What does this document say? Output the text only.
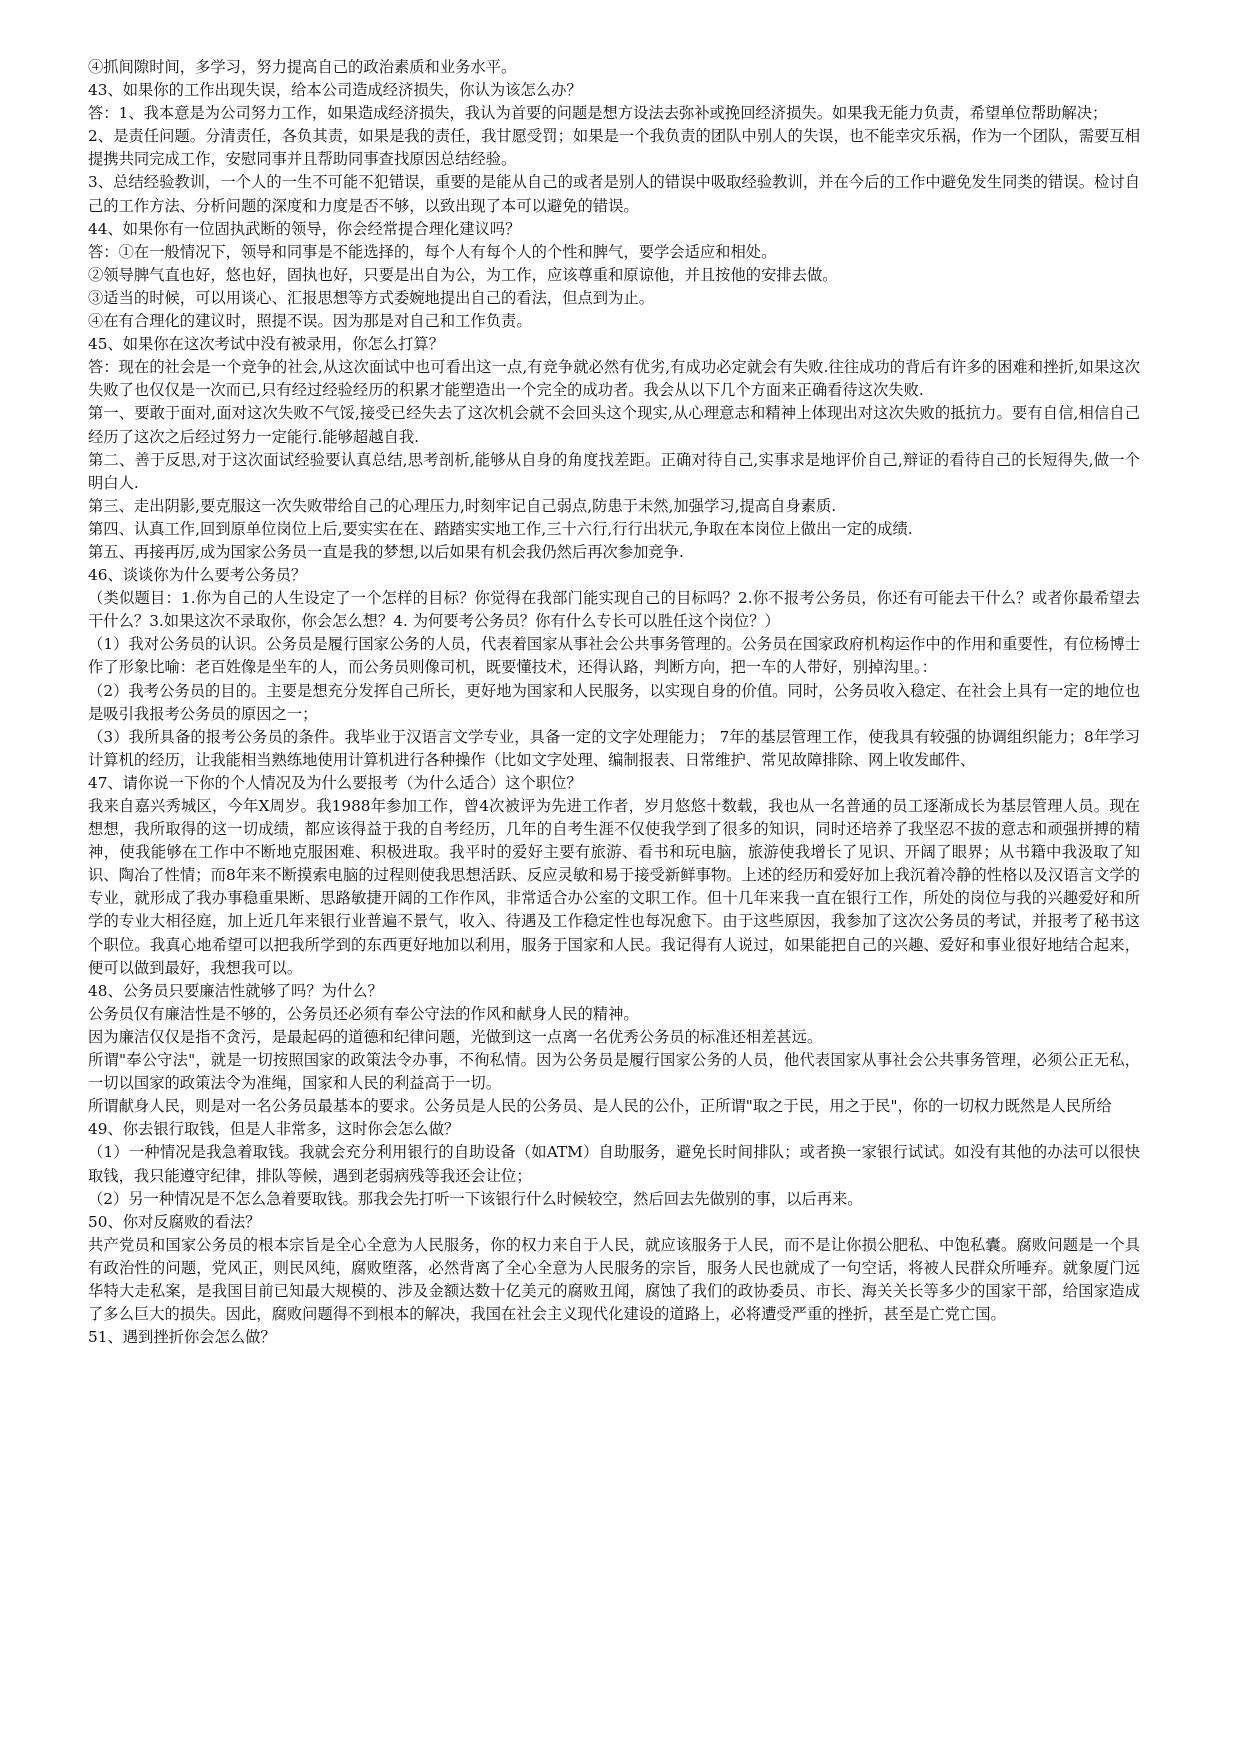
④抓间隙时间，多学习，努力提高自己的政治素质和业务水平。

43、如果你的工作出现失误，给本公司造成经济损失，你认为该怎么办？

答：1、我本意是为公司努力工作，如果造成经济损失，我认为首要的问题是想方设法去弥补或挽回经济损失。如果我无能力负责，希望单位帮助解决；

2、是责任问题。分清责任，各负其责，如果是我的责任，我甘愿受罚；如果是一个我负责的团队中别人的失误，也不能幸灾乐祸，作为一个团队，需要互相提携共同完成工作，安慰同事并且帮助同事查找原因总结经验。

3、总结经验教训，一个人的一生不可能不犯错误，重要的是能从自己的或者是别人的错误中吸取经验教训，并在今后的工作中避免发生同类的错误。检讨自己的工作方法、分析问题的深度和力度是否不够，以致出现了本可以避免的错误。

44、如果你有一位固执武断的领导，你会经常提合理化建议吗？

答：①在一般情况下，领导和同事是不能选择的，每个人有每个人的个性和脾气，要学会适应和相处。

②领导脾气直也好，悠也好，固执也好，只要是出自为公，为工作，应该尊重和原谅他，并且按他的安排去做。

③适当的时候，可以用谈心、汇报思想等方式委婉地提出自己的看法，但点到为止。

④在有合理化的建议时，照提不误。因为那是对自己和工作负责。

45、如果你在这次考试中没有被录用，你怎么打算？

答：现在的社会是一个竞争的社会,从这次面试中也可看出这一点,有竞争就必然有优劣,有成功必定就会有失败.往往成功的背后有许多的困难和挫折,如果这次失败了也仅仅是一次而已,只有经过经验经历的积累才能塑造出一个完全的成功者。我会从以下几个方面来正确看待这次失败.

第一、要敢于面对,面对这次失败不气馁,接受已经失去了这次机会就不会回头这个现实,从心理意志和精神上体现出对这次失败的抵抗力。要有自信,相信自己经历了这次之后经过努力一定能行.能够超越自我.

第二、善于反思,对于这次面试经验要认真总结,思考剖析,能够从自身的角度找差距。正确对待自己,实事求是地评价自己,辩证的看待自己的长短得失,做一个明白人.

第三、走出阴影,要克服这一次失败带给自己的心理压力,时刻牢记自己弱点,防患于未然,加强学习,提高自身素质.

第四、认真工作,回到原单位岗位上后,要实实在在、踏踏实实地工作,三十六行,行行出状元,争取在本岗位上做出一定的成绩.

第五、再接再厉,成为国家公务员一直是我的梦想,以后如果有机会我仍然后再次参加竞争.

46、谈谈你为什么要考公务员？

（类似题目：1.你为自己的人生设定了一个怎样的目标？你觉得在我部门能实现自己的目标吗？2.你不报考公务员，你还有可能去干什么？或者你最希望去干什么？3.如果这次不录取你，你会怎么想？4. 为何要考公务员？你有什么专长可以胜任这个岗位？）

（1）我对公务员的认识。公务员是履行国家公务的人员，代表着国家从事社会公共事务管理的。公务员在国家政府机构运作中的作用和重要性，有位杨博士作了形象比喻：老百姓像是坐车的人，而公务员则像司机，既要懂技术，还得认路，判断方向，把一车的人带好，别掉沟里。：

（2）我考公务员的目的。主要是想充分发挥自己所长，更好地为国家和人民服务，以实现自身的价值。同时，公务员收入稳定、在社会上具有一定的地位也是吸引我报考公务员的原因之一；

（3）我所具备的报考公务员的条件。我毕业于汉语言文学专业，具备一定的文字处理能力； 7年的基层管理工作，使我具有较强的协调组织能力；8年学习计算机的经历，让我能相当熟练地使用计算机进行各种操作（比如文字处理、编制报表、日常维护、常见故障排除、网上收发邮件、

47、请你说一下你的个人情况及为什么要报考（为什么适合）这个职位？

我来自嘉兴秀城区，今年X周岁。我1988年参加工作，曾4次被评为先进工作者，岁月悠悠十数载，我也从一名普通的员工逐渐成长为基层管理人员。现在想想，我所取得的这一切成绩，都应该得益于我的自考经历，几年的自考生涯不仅使我学到了很多的知识，同时还培养了我坚忍不拔的意志和顽强拼搏的精神，使我能够在工作中不断地克服困难、积极进取。我平时的爱好主要有旅游、看书和玩电脑，旅游使我增长了见识、开阔了眼界；从书籍中我汲取了知识、陶冶了性情；而8年来不断摸索电脑的过程则使我思想活跃、反应灵敏和易于接受新鲜事物。上述的经历和爱好加上我沉着冷静的性格以及汉语言文学的专业，就形成了我办事稳重果断、思路敏捷开阔的工作作风，非常适合办公室的文职工作。但十几年来我一直在银行工作，所处的岗位与我的兴趣爱好和所学的专业大相径庭，加上近几年来银行业普遍不景气，收入、待遇及工作稳定性也每况愈下。由于这些原因，我参加了这次公务员的考试，并报考了秘书这个职位。我真心地希望可以把我所学到的东西更好地加以利用，服务于国家和人民。我记得有人说过，如果能把自己的兴趣、爱好和事业很好地结合起来，便可以做到最好，我想我可以。

48、公务员只要廉洁性就够了吗？为什么？

公务员仅有廉洁性是不够的，公务员还必须有奉公守法的作风和献身人民的精神。

因为廉洁仅仅是指不贪污，是最起码的道德和纪律问题，光做到这一点离一名优秀公务员的标准还相差甚远。

所谓"奉公守法"，就是一切按照国家的政策法令办事，不徇私情。因为公务员是履行国家公务的人员，他代表国家从事社会公共事务管理，必须公正无私，一切以国家的政策法令为准绳，国家和人民的利益高于一切。

所谓献身人民，则是对一名公务员最基本的要求。公务员是人民的公务员、是人民的公仆，正所谓"取之于民，用之于民"，你的一切权力既然是人民所给

49、你去银行取钱，但是人非常多，这时你会怎么做？

（1）一种情况是我急着取钱。我就会充分利用银行的自助设备（如ATM）自助服务，避免长时间排队；或者换一家银行试试。如没有其他的办法可以很快取钱，我只能遵守纪律，排队等候，遇到老弱病残等我还会让位；

（2）另一种情况是不怎么急着要取钱。那我会先打听一下该银行什么时候较空，然后回去先做别的事，以后再来。

50、你对反腐败的看法？

共产党员和国家公务员的根本宗旨是全心全意为人民服务，你的权力来自于人民，就应该服务于人民，而不是让你损公肥私、中饱私囊。腐败问题是一个具有政治性的问题，党风正，则民风纯，腐败堕落，必然背离了全心全意为人民服务的宗旨，服务人民也就成了一句空话，将被人民群众所唾弃。就象厦门远华特大走私案，是我国目前已知最大规模的、涉及金额达数十亿美元的腐败丑闻，腐蚀了我们的政协委员、市长、海关关长等多少的国家干部，给国家造成了多么巨大的损失。因此，腐败问题得不到根本的解决，我国在社会主义现代化建设的道路上，必将遭受严重的挫折，甚至是亡党亡国。

51、遇到挫折你会怎么做？
